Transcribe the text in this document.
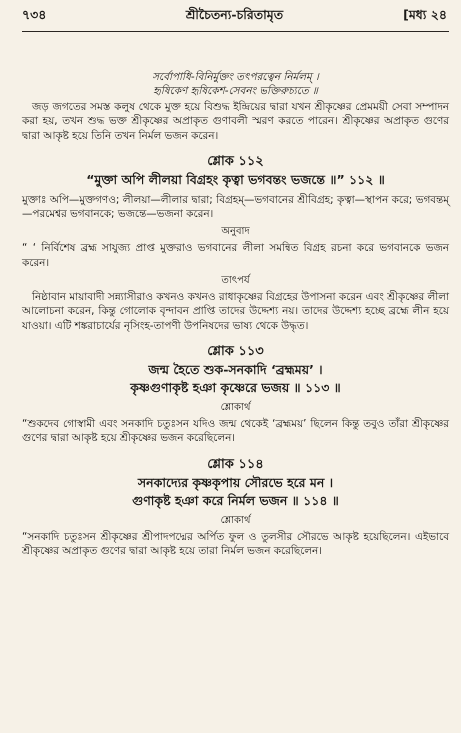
৭৩৪	শ্রীচৈতন্য-চরিতামৃত	[মধ্য ২৪
সর্বোপাধি-বিনির্মুক্তং তৎপরত্বেন নির্মলম্ ।
হৃষিকেণ হৃষিকেশ-সেবনং ভক্তিরুচ্যতে ॥
জড় জগতের সমস্ত কলুষ থেকে মুক্ত হয়ে বিশুদ্ধ ইন্দ্রিয়ের দ্বারা যখন শ্রীকৃষ্ণের প্রেমময়ী সেবা সম্পাদন করা হয়, তখন শুদ্ধ ভক্ত শ্রীকৃষ্ণের অপ্রাকৃত গুণাবলী স্মরণ করতে পারেন। শ্রীকৃষ্ণের অপ্রাকৃত গুণের দ্বারা আকৃষ্ট হয়ে তিনি তখন নির্মল ভজন করেন।
শ্লোক ১১২
“মুক্তা অপি লীলয়া বিগ্রহং কৃত্বা ভগবন্তং ভজন্তে ॥” ১১২ ॥
মুক্তাঃ অপি—মুক্তগণও; লীলয়া—লীলার দ্বারা; বিগ্রহম্—ভগবানের শ্রীবিগ্রহ; কৃত্বা—স্থাপন করে; ভগবন্তম্—পরমেশ্বর ভগবানকে; ভজন্তে—ভজনা করেন।
অনুবাদ
“ ‘ নির্বিশেষ ব্রহ্ম সাযুজ্য প্রাপ্ত মুক্তরাও ভগবানের লীলা সমন্বিত বিগ্রহ রচনা করে ভগবানকে ভজন করেন।
তাৎপর্য
নিষ্ঠাবান মায়াবাদী সন্ন্যাসীরাও কখনও কখনও রাধাকৃষ্ণের বিগ্রহের উপাসনা করেন এবং শ্রীকৃষ্ণের লীলা আলোচনা করেন, কিন্তু গোলোক বৃন্দাবন প্রাপ্তি তাদের উদ্দেশ্য নয়। তাদের উদ্দেশ্য হচ্ছে ব্রহ্মে লীন হয়ে যাওয়া। এটি শঙ্করাচার্যের নৃসিংহ-তাপণী উপনিষদের ভাষ্য থেকে উদ্ধৃত।
শ্লোক ১১৩
জন্ম হৈতে শুক-সনকাদি ‘ব্রহ্মময়’ ।
কৃষ্ণগুণাকৃষ্ট হঞা কৃষ্ণেরে ভজয় ॥ ১১৩ ॥
শ্লোকার্থ
“শুকদেব গোস্বামী এবং সনকাদি চতুঃসন যদিও জন্ম থেকেই ‘ব্রহ্মময়’ ছিলেন কিন্তু তবুও তাঁরা শ্রীকৃষ্ণের গুণের দ্বারা আকৃষ্ট হয়ে শ্রীকৃষ্ণের ভজন করেছিলেন।
শ্লোক ১১৪
সনকাদ্যের কৃষ্ণকৃপায় সৌরভে হরে মন ।
গুণাকৃষ্ট হঞা করে নির্মল ভজন ॥ ১১৪ ॥
শ্লোকার্থ
“সনকাদি চতুঃসন শ্রীকৃষ্ণের শ্রীপাদপদ্মের অর্পিত ফুল ও তুলসীর সৌরভে আকৃষ্ট হয়েছিলেন। এইভাবে শ্রীকৃষ্ণের অপ্রাকৃত গুণের দ্বারা আকৃষ্ট হয়ে তারা নির্মল ভজন করেছিলেন।
